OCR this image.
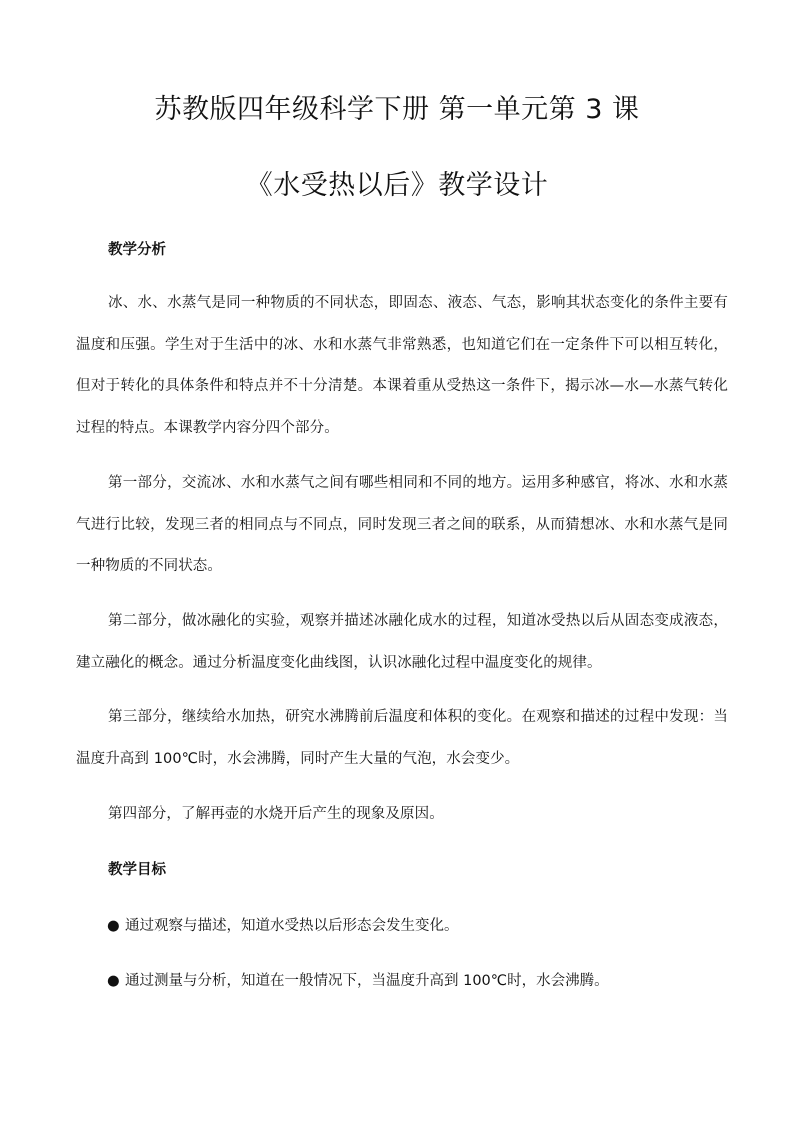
苏教版四年级科学下册 第一单元第 3 课
《水受热以后》教学设计
教学分析

冰、水、水蒸气是同一种物质的不同状态，即固态、液态、气态，影响其状态变化的条件主要有温度和压强。学生对于生活中的冰、水和水蒸气非常熟悉，也知道它们在一定条件下可以相互转化，但对于转化的具体条件和特点并不十分清楚。本课着重从受热这一条件下，揭示冰—水—水蒸气转化过程的特点。本课教学内容分四个部分。

第一部分，交流冰、水和水蒸气之间有哪些相同和不同的地方。运用多种感官，将冰、水和水蒸气进行比较，发现三者的相同点与不同点，同时发现三者之间的联系，从而猜想冰、水和水蒸气是同一种物质的不同状态。

第二部分，做冰融化的实验，观察并描述冰融化成水的过程，知道冰受热以后从固态变成液态，建立融化的概念。通过分析温度变化曲线图，认识冰融化过程中温度变化的规律。

第三部分，继续给水加热，研究水沸腾前后温度和体积的变化。在观察和描述的过程中发现：当温度升高到 100℃时，水会沸腾，同时产生大量的气泡，水会变少。

第四部分，了解再壶的水烧开后产生的现象及原因。

教学目标
● 通过观察与描述，知道水受热以后形态会发生变化。
● 通过测量与分析，知道在一般情况下，当温度升高到 100℃时，水会沸腾。
